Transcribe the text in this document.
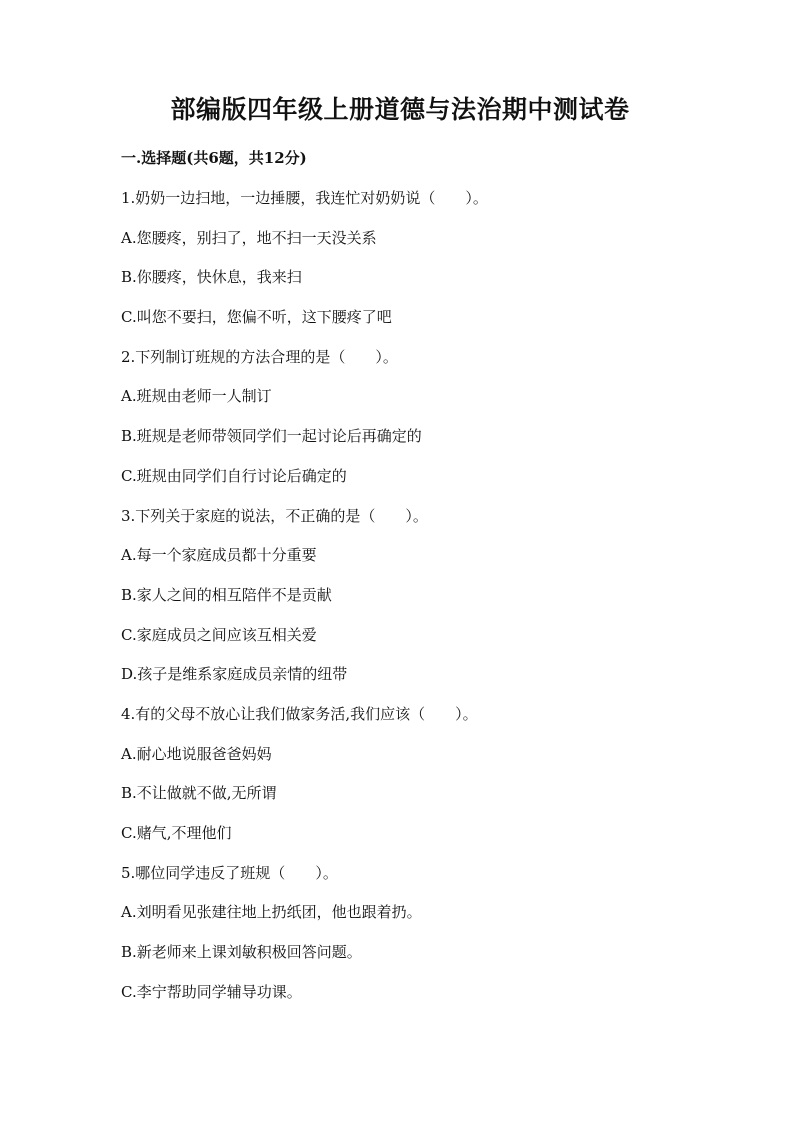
部编版四年级上册道德与法治期中测试卷
一.选择题(共6题，共12分)
1.奶奶一边扫地，一边捶腰，我连忙对奶奶说（　　）。
A.您腰疼，别扫了，地不扫一天没关系
B.你腰疼，快休息，我来扫
C.叫您不要扫，您偏不听，这下腰疼了吧
2.下列制订班规的方法合理的是（　　）。
A.班规由老师一人制订
B.班规是老师带领同学们一起讨论后再确定的
C.班规由同学们自行讨论后确定的
3.下列关于家庭的说法，不正确的是（　　）。
A.每一个家庭成员都十分重要
B.家人之间的相互陪伴不是贡献
C.家庭成员之间应该互相关爱
D.孩子是维系家庭成员亲情的纽带
4.有的父母不放心让我们做家务活,我们应该（　　）。
A.耐心地说服爸爸妈妈
B.不让做就不做,无所谓
C.赌气,不理他们
5.哪位同学违反了班规（　　）。
A.刘明看见张建往地上扔纸团，他也跟着扔。
B.新老师来上课刘敏积极回答问题。
C.李宁帮助同学辅导功课。
